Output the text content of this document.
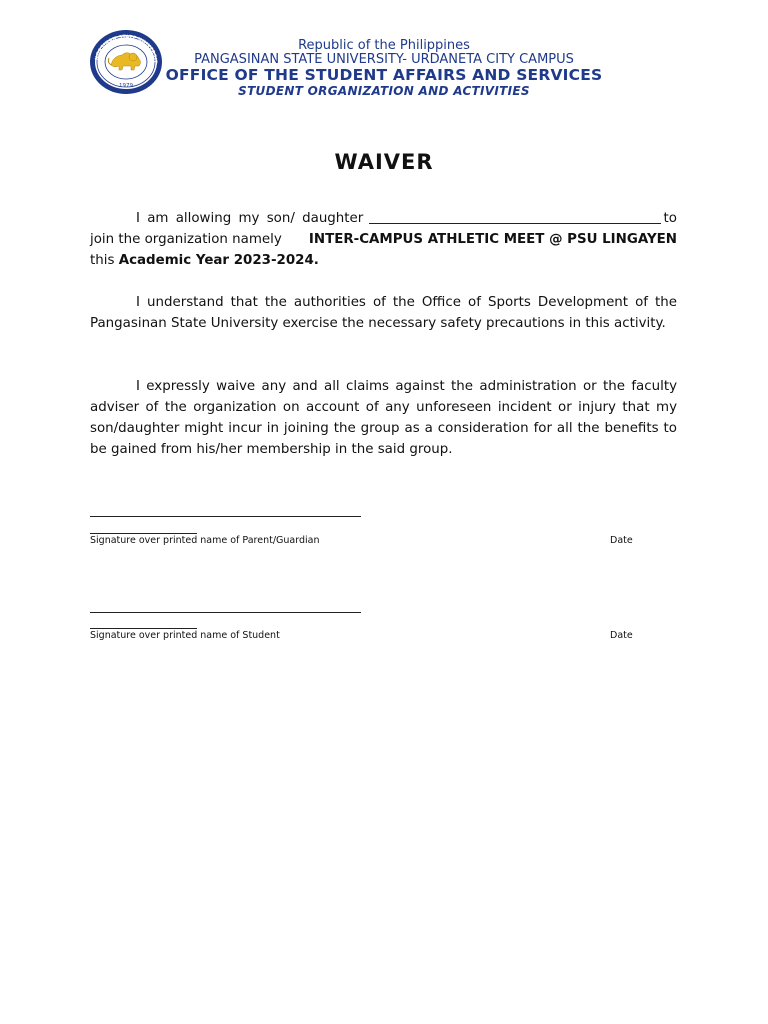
1979
NGASINAN STATE UNIVERSIT
Republic of the Philippines
PANGASINAN STATE UNIVERSITY- URDANETA CITY CAMPUS
OFFICE OF THE STUDENT AFFAIRS AND SERVICES
STUDENT ORGANIZATION AND ACTIVITIES
WAIVER
I am allowing my son/ daughter	to
join the organization namely INTER-CAMPUS ATHLETIC MEET @ PSU LINGAYEN
this
Academic Year 2023-2024.
I understand that the authorities of the Office of Sports Development of the Pangasinan State University exercise the necessary safety precautions in this activity.
I expressly waive any and all claims against the administration or the faculty adviser of the organization on account of any unforeseen incident or injury that my son/daughter might incur in joining the group as a consideration for all the benefits to be gained from his/her membership in the said group.
Signature over printed name of Parent/Guardian	Date
Signature over printed name of Student	Date
